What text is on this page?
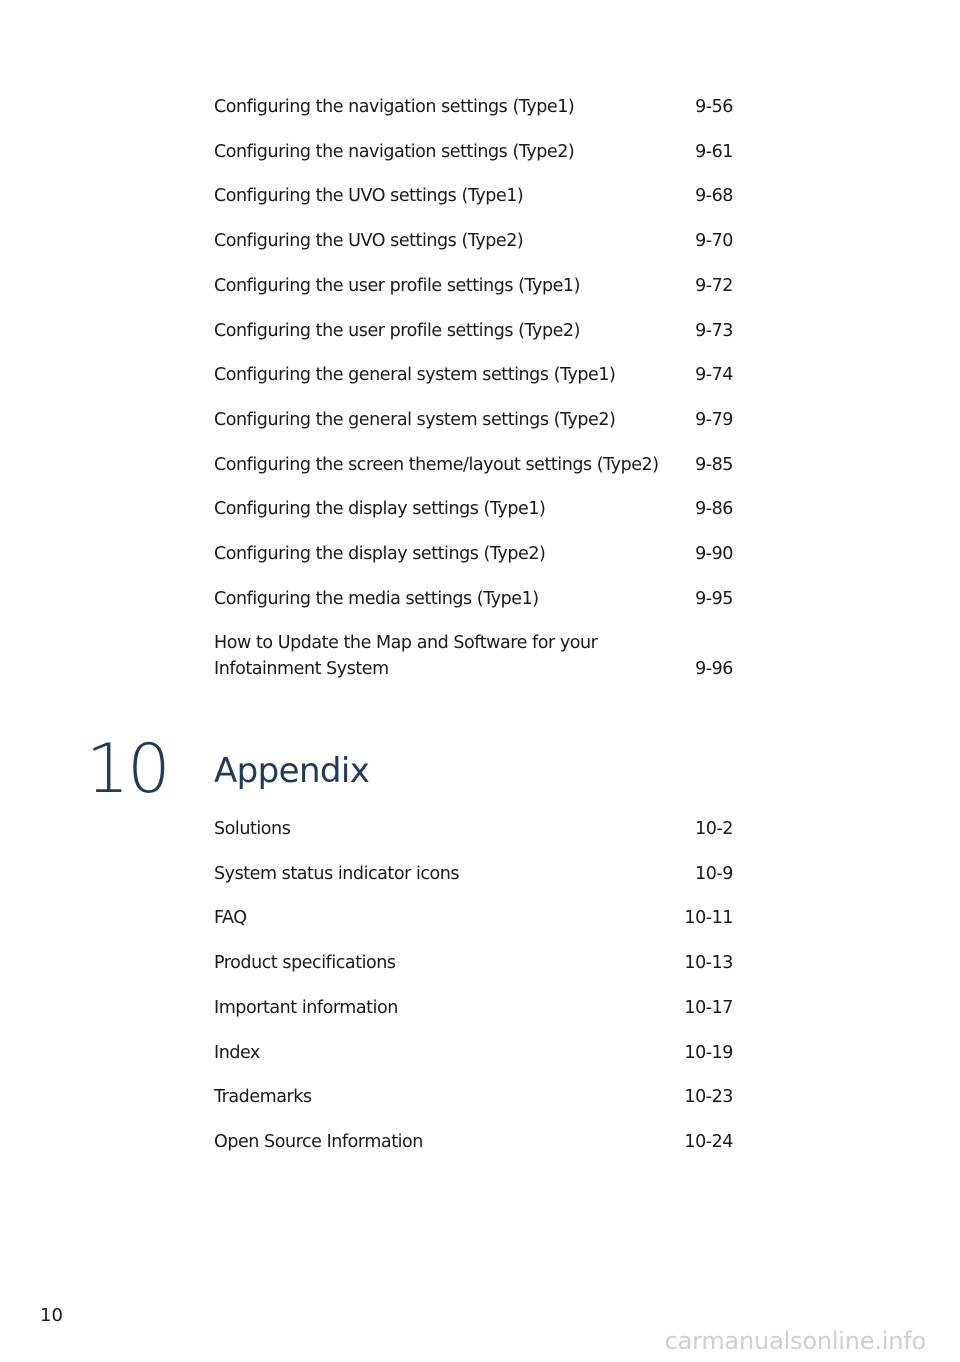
Configuring the navigation settings (Type1)	9-56
Configuring the navigation settings (Type2)	9-61
Configuring the UVO settings (Type1)	9-68
Configuring the UVO settings (Type2)	9-70
Configuring the user profile settings (Type1)	9-72
Configuring the user profile settings (Type2)	9-73
Configuring the general system settings (Type1)	9-74
Configuring the general system settings (Type2)	9-79
Configuring the screen theme/layout settings (Type2) 9-85
Configuring the display settings (Type1)	9-86
Configuring the display settings (Type2)	9-90
Configuring the media settings (Type1)	9-95
How to Update the Map and Software for your Infotainment System	9-96
10 Appendix
Solutions	10-2
System status indicator icons	10-9
FAQ	10-11
Product specifications	10-13
Important information	10-17
Index	10-19
Trademarks	10-23
Open Source Information	10-24
10
carmanualsonline.info
